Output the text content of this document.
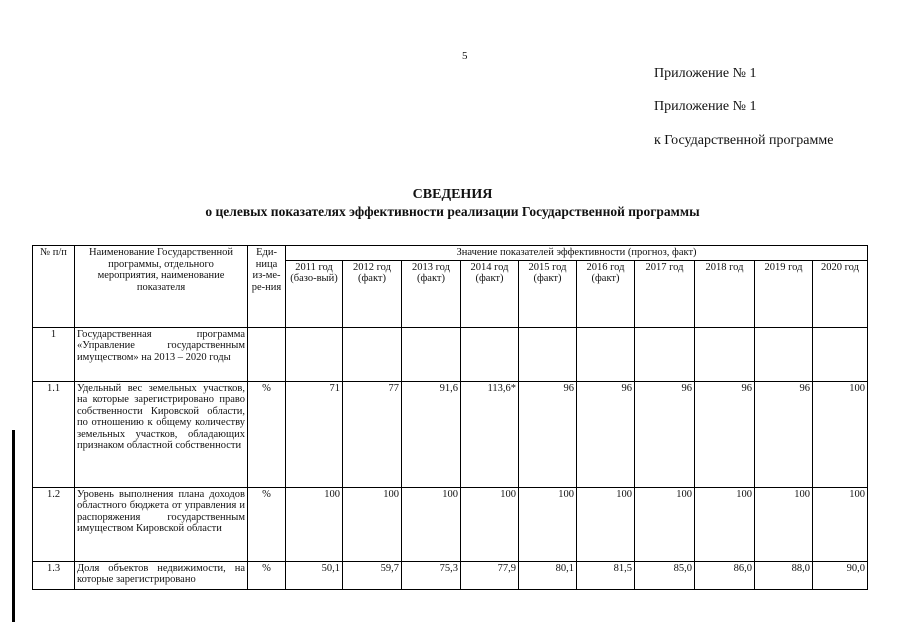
5
Приложение № 1
Приложение № 1
к Государственной программе
СВЕДЕНИЯ
о целевых показателях эффективности реализации Государственной программы
№ п/п	Наименование Государственной программы, отдельного мероприятия, наименование показателя	Еди-ница из-ме-ре-ния	Значение показателей эффективности (прогноз, факт)									
			2011 год (базо-вый)	2012 год (факт)	2013 год (факт)	2014 год (факт)	2015 год (факт)	2016 год (факт)	2017 год	2018 год	2019 год	2020 год
1	Государственная программа «Управление государственным имуществом» на 2013 – 2020 годы											
1.1	Удельный вес земельных участков, на которые зарегистрировано право собственности Кировской области, по отношению к общему количеству земельных участков, обладающих признаком областной собственности	%	71	77	91,6	113,6*	96	96	96	96	96	100
1.2	Уровень выполнения плана доходов областного бюджета от управления и распоряжения государственным имуществом Кировской области	%	100	100	100	100	100	100	100	100	100	100
1.3	Доля объектов недвижимости, на которые зарегистрировано	%	50,1	59,7	75,3	77,9	80,1	81,5	85,0	86,0	88,0	90,0
